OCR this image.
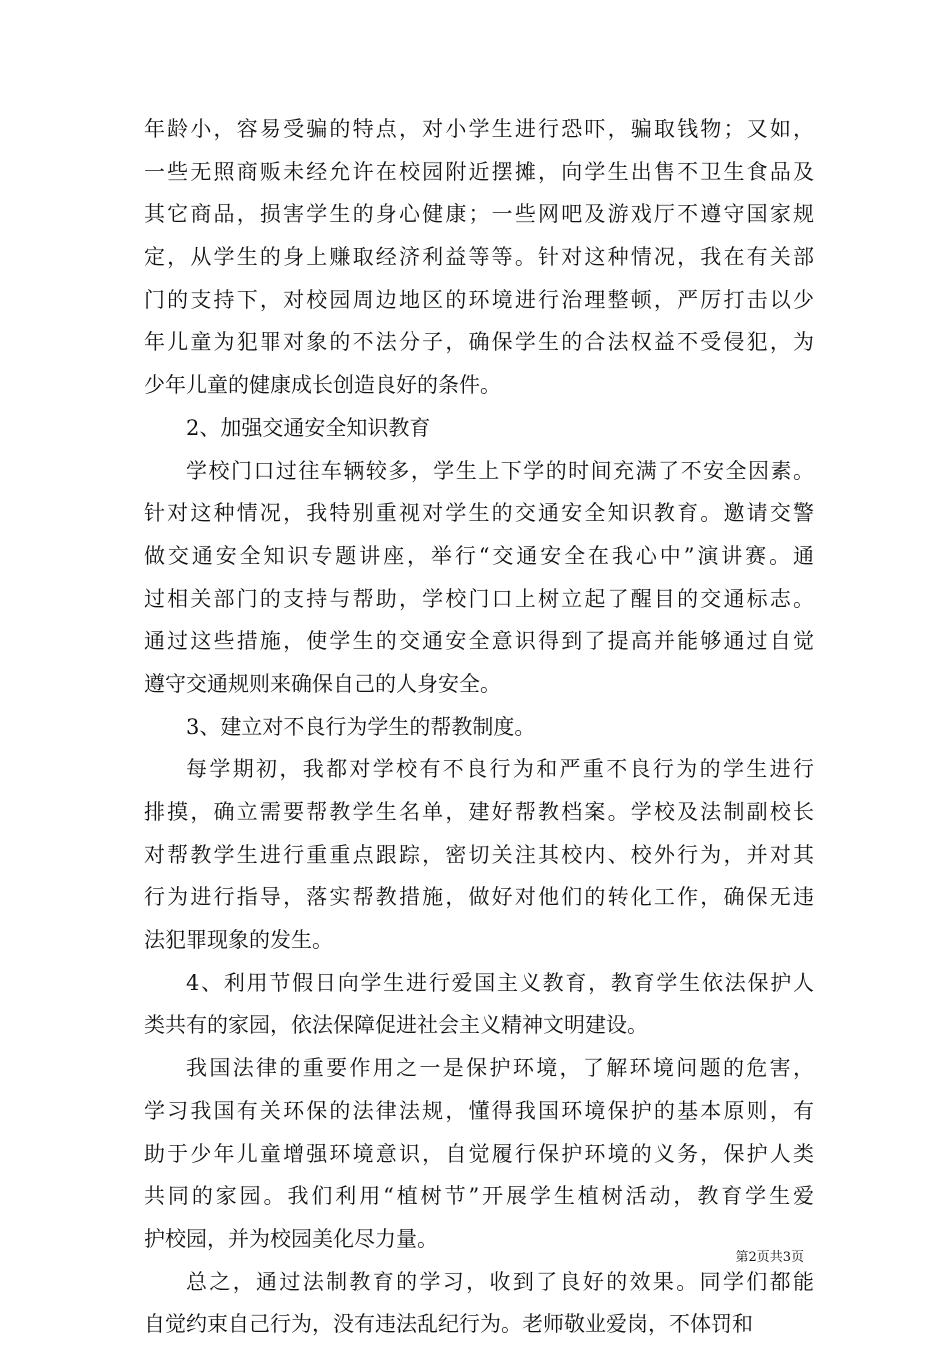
年龄小，容易受骗的特点，对小学生进行恐吓，骗取钱物；又如，
一些无照商贩未经允许在校园附近摆摊，向学生出售不卫生食品及
其它商品，损害学生的身心健康；一些网吧及游戏厅不遵守国家规
定，从学生的身上赚取经济利益等等。针对这种情况，我在有关部
门的支持下，对校园周边地区的环境进行治理整顿，严厉打击以少
年儿童为犯罪对象的不法分子，确保学生的合法权益不受侵犯，为
少年儿童的健康成长创造良好的条件。
2、加强交通安全知识教育
学校门口过往车辆较多，学生上下学的时间充满了不安全因素。
针对这种情况，我特别重视对学生的交通安全知识教育。邀请交警
做交通安全知识专题讲座，举行“交通安全在我心中”演讲赛。通
过相关部门的支持与帮助，学校门口上树立起了醒目的交通标志。
通过这些措施，使学生的交通安全意识得到了提高并能够通过自觉
遵守交通规则来确保自己的人身安全。
3、建立对不良行为学生的帮教制度。
每学期初，我都对学校有不良行为和严重不良行为的学生进行
排摸，确立需要帮教学生名单，建好帮教档案。学校及法制副校长
对帮教学生进行重重点跟踪，密切关注其校内、校外行为，并对其
行为进行指导，落实帮教措施，做好对他们的转化工作，确保无违
法犯罪现象的发生。
4、利用节假日向学生进行爱国主义教育，教育学生依法保护人
类共有的家园，依法保障促进社会主义精神文明建设。
我国法律的重要作用之一是保护环境，了解环境问题的危害，
学习我国有关环保的法律法规，懂得我国环境保护的基本原则，有
助于少年儿童增强环境意识，自觉履行保护环境的义务，保护人类
共同的家园。我们利用“植树节”开展学生植树活动，教育学生爱
护校园，并为校园美化尽力量。
总之，通过法制教育的学习，收到了良好的效果。同学们都能
自觉约束自己行为，没有违法乱纪行为。老师敬业爱岗，不体罚和
第2页共3页
